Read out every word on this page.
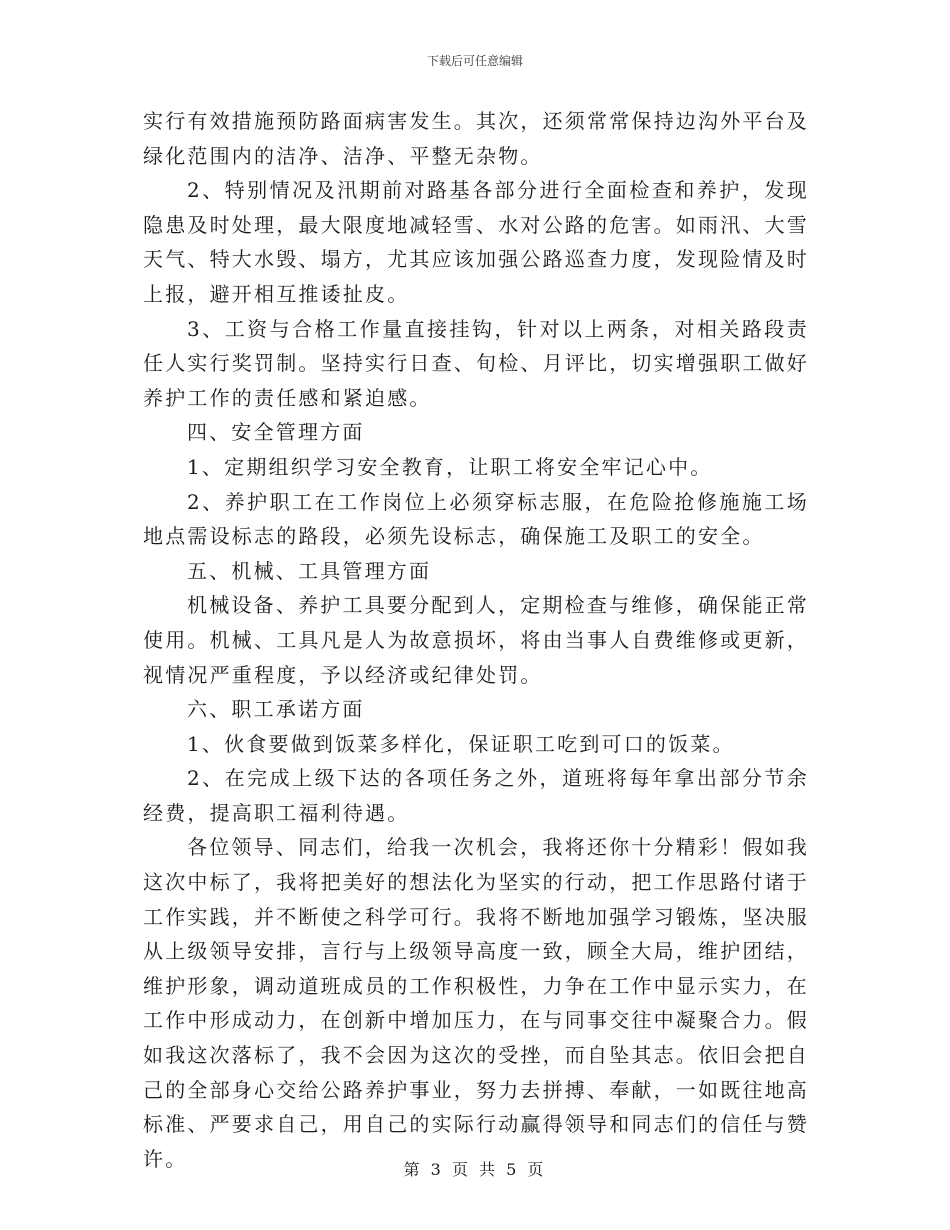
下载后可任意编辑

实行有效措施预防路面病害发生。其次，还须常常保持边沟外平台及绿化范围内的洁净、洁净、平整无杂物。

2、特别情况及汛期前对路基各部分进行全面检查和养护，发现隐患及时处理，最大限度地减轻雪、水对公路的危害。如雨汛、大雪天气、特大水毁、塌方，尤其应该加强公路巡查力度，发现险情及时上报，避开相互推诿扯皮。

3、工资与合格工作量直接挂钩，针对以上两条，对相关路段责任人实行奖罚制。坚持实行日查、旬检、月评比，切实增强职工做好养护工作的责任感和紧迫感。

四、安全管理方面

1、定期组织学习安全教育，让职工将安全牢记心中。

2、养护职工在工作岗位上必须穿标志服，在危险抢修施施工场地点需设标志的路段，必须先设标志，确保施工及职工的安全。

五、机械、工具管理方面

机械设备、养护工具要分配到人，定期检查与维修，确保能正常使用。机械、工具凡是人为故意损坏，将由当事人自费维修或更新，视情况严重程度，予以经济或纪律处罚。

六、职工承诺方面

1、伙食要做到饭菜多样化，保证职工吃到可口的饭菜。

2、在完成上级下达的各项任务之外，道班将每年拿出部分节余经费，提高职工福利待遇。

各位领导、同志们，给我一次机会，我将还你十分精彩！假如我这次中标了，我将把美好的想法化为坚实的行动，把工作思路付诸于工作实践，并不断使之科学可行。我将不断地加强学习锻炼，坚决服从上级领导安排，言行与上级领导高度一致，顾全大局，维护团结，维护形象，调动道班成员的工作积极性，力争在工作中显示实力，在工作中形成动力，在创新中增加压力，在与同事交往中凝聚合力。假如我这次落标了，我不会因为这次的受挫，而自坠其志。依旧会把自己的全部身心交给公路养护事业，努力去拼搏、奉献，一如既往地高标准、严要求自己，用自己的实际行动赢得领导和同志们的信任与赞许。	第 3 页 共 5 页
